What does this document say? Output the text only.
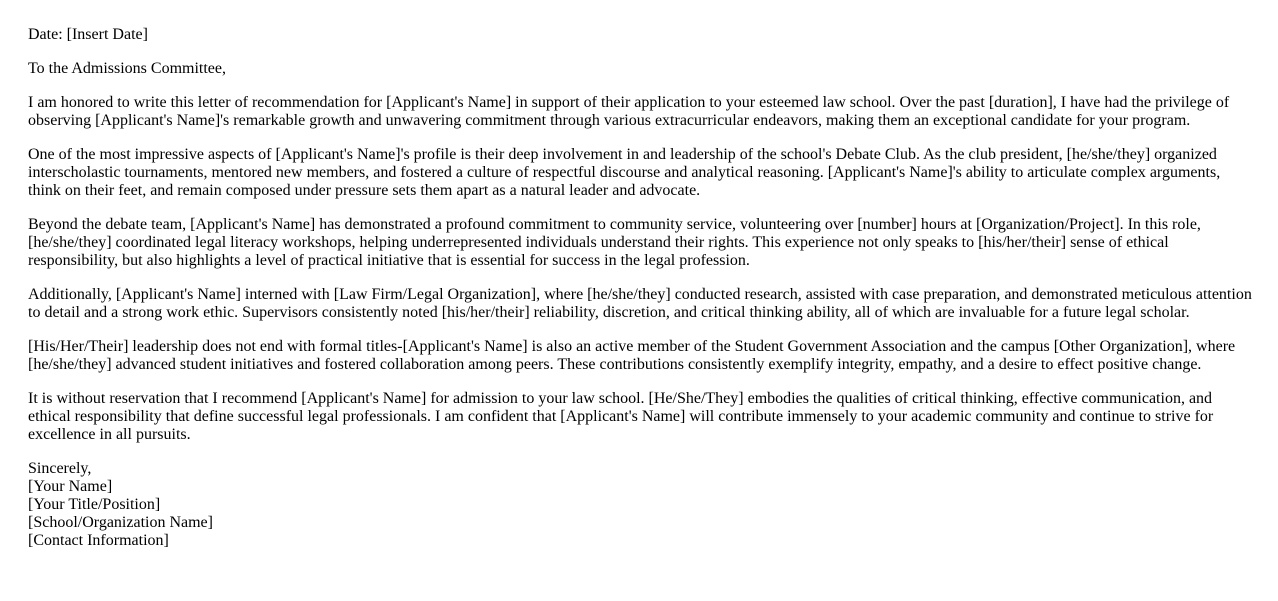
Date: [Insert Date]

To the Admissions Committee,

I am honored to write this letter of recommendation for [Applicant's Name] in support of their application to your esteemed law school. Over the past [duration], I have had the privilege of observing [Applicant's Name]'s remarkable growth and unwavering commitment through various extracurricular endeavors, making them an exceptional candidate for your program.

One of the most impressive aspects of [Applicant's Name]'s profile is their deep involvement in and leadership of the school's Debate Club. As the club president, [he/she/they] organized interscholastic tournaments, mentored new members, and fostered a culture of respectful discourse and analytical reasoning. [Applicant's Name]'s ability to articulate complex arguments, think on their feet, and remain composed under pressure sets them apart as a natural leader and advocate.

Beyond the debate team, [Applicant's Name] has demonstrated a profound commitment to community service, volunteering over [number] hours at [Organization/Project]. In this role, [he/she/they] coordinated legal literacy workshops, helping underrepresented individuals understand their rights. This experience not only speaks to [his/her/their] sense of ethical responsibility, but also highlights a level of practical initiative that is essential for success in the legal profession.

Additionally, [Applicant's Name] interned with [Law Firm/Legal Organization], where [he/she/they] conducted research, assisted with case preparation, and demonstrated meticulous attention to detail and a strong work ethic. Supervisors consistently noted [his/her/their] reliability, discretion, and critical thinking ability, all of which are invaluable for a future legal scholar.

[His/Her/Their] leadership does not end with formal titles-[Applicant's Name] is also an active member of the Student Government Association and the campus [Other Organization], where [he/she/they] advanced student initiatives and fostered collaboration among peers. These contributions consistently exemplify integrity, empathy, and a desire to effect positive change.

It is without reservation that I recommend [Applicant's Name] for admission to your law school. [He/She/They] embodies the qualities of critical thinking, effective communication, and ethical responsibility that define successful legal professionals. I am confident that [Applicant's Name] will contribute immensely to your academic community and continue to strive for excellence in all pursuits.

Sincerely,
[Your Name]
[Your Title/Position]
[School/Organization Name]
[Contact Information]
